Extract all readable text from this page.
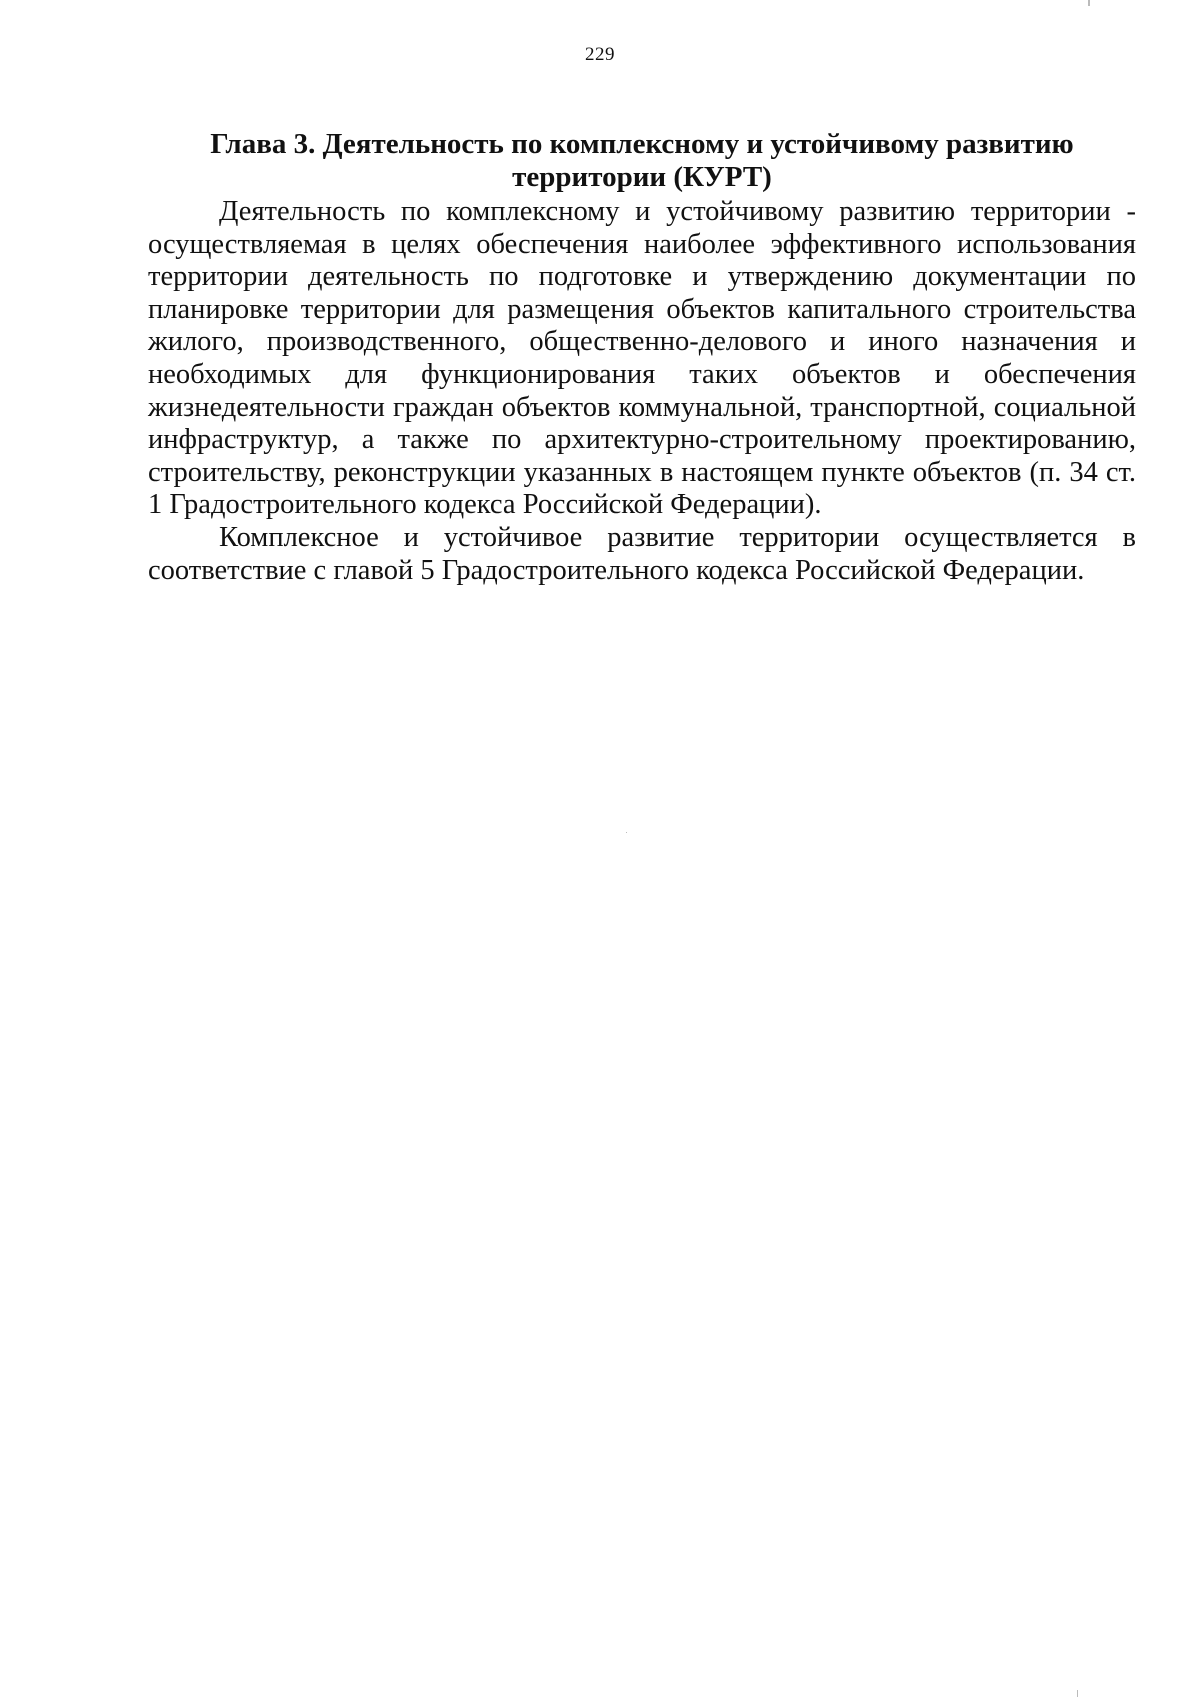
229
Глава 3. Деятельность по комплексному и устойчивому развитию территории (КУРТ)

Деятельность по комплексному и устойчивому развитию территории - осуществляемая в целях обеспечения наиболее эффективного использования территории деятельность по подготовке и утверждению документации по планировке территории для размещения объектов капитального строительства жилого, производственного, общественно-делового и иного назначения и необходимых для функционирования таких объектов и обеспечения жизнедеятельности граждан объектов коммунальной, транспортной, социальной инфраструктур, а также по архитектурно-строительному проектированию, строительству, реконструкции указанных в настоящем пункте объектов (п. 34 ст. 1 Градостроительного кодекса Российской Федерации).

Комплексное и устойчивое развитие территории осуществляется в соответствие с главой 5 Градостроительного кодекса Российской Федерации.
